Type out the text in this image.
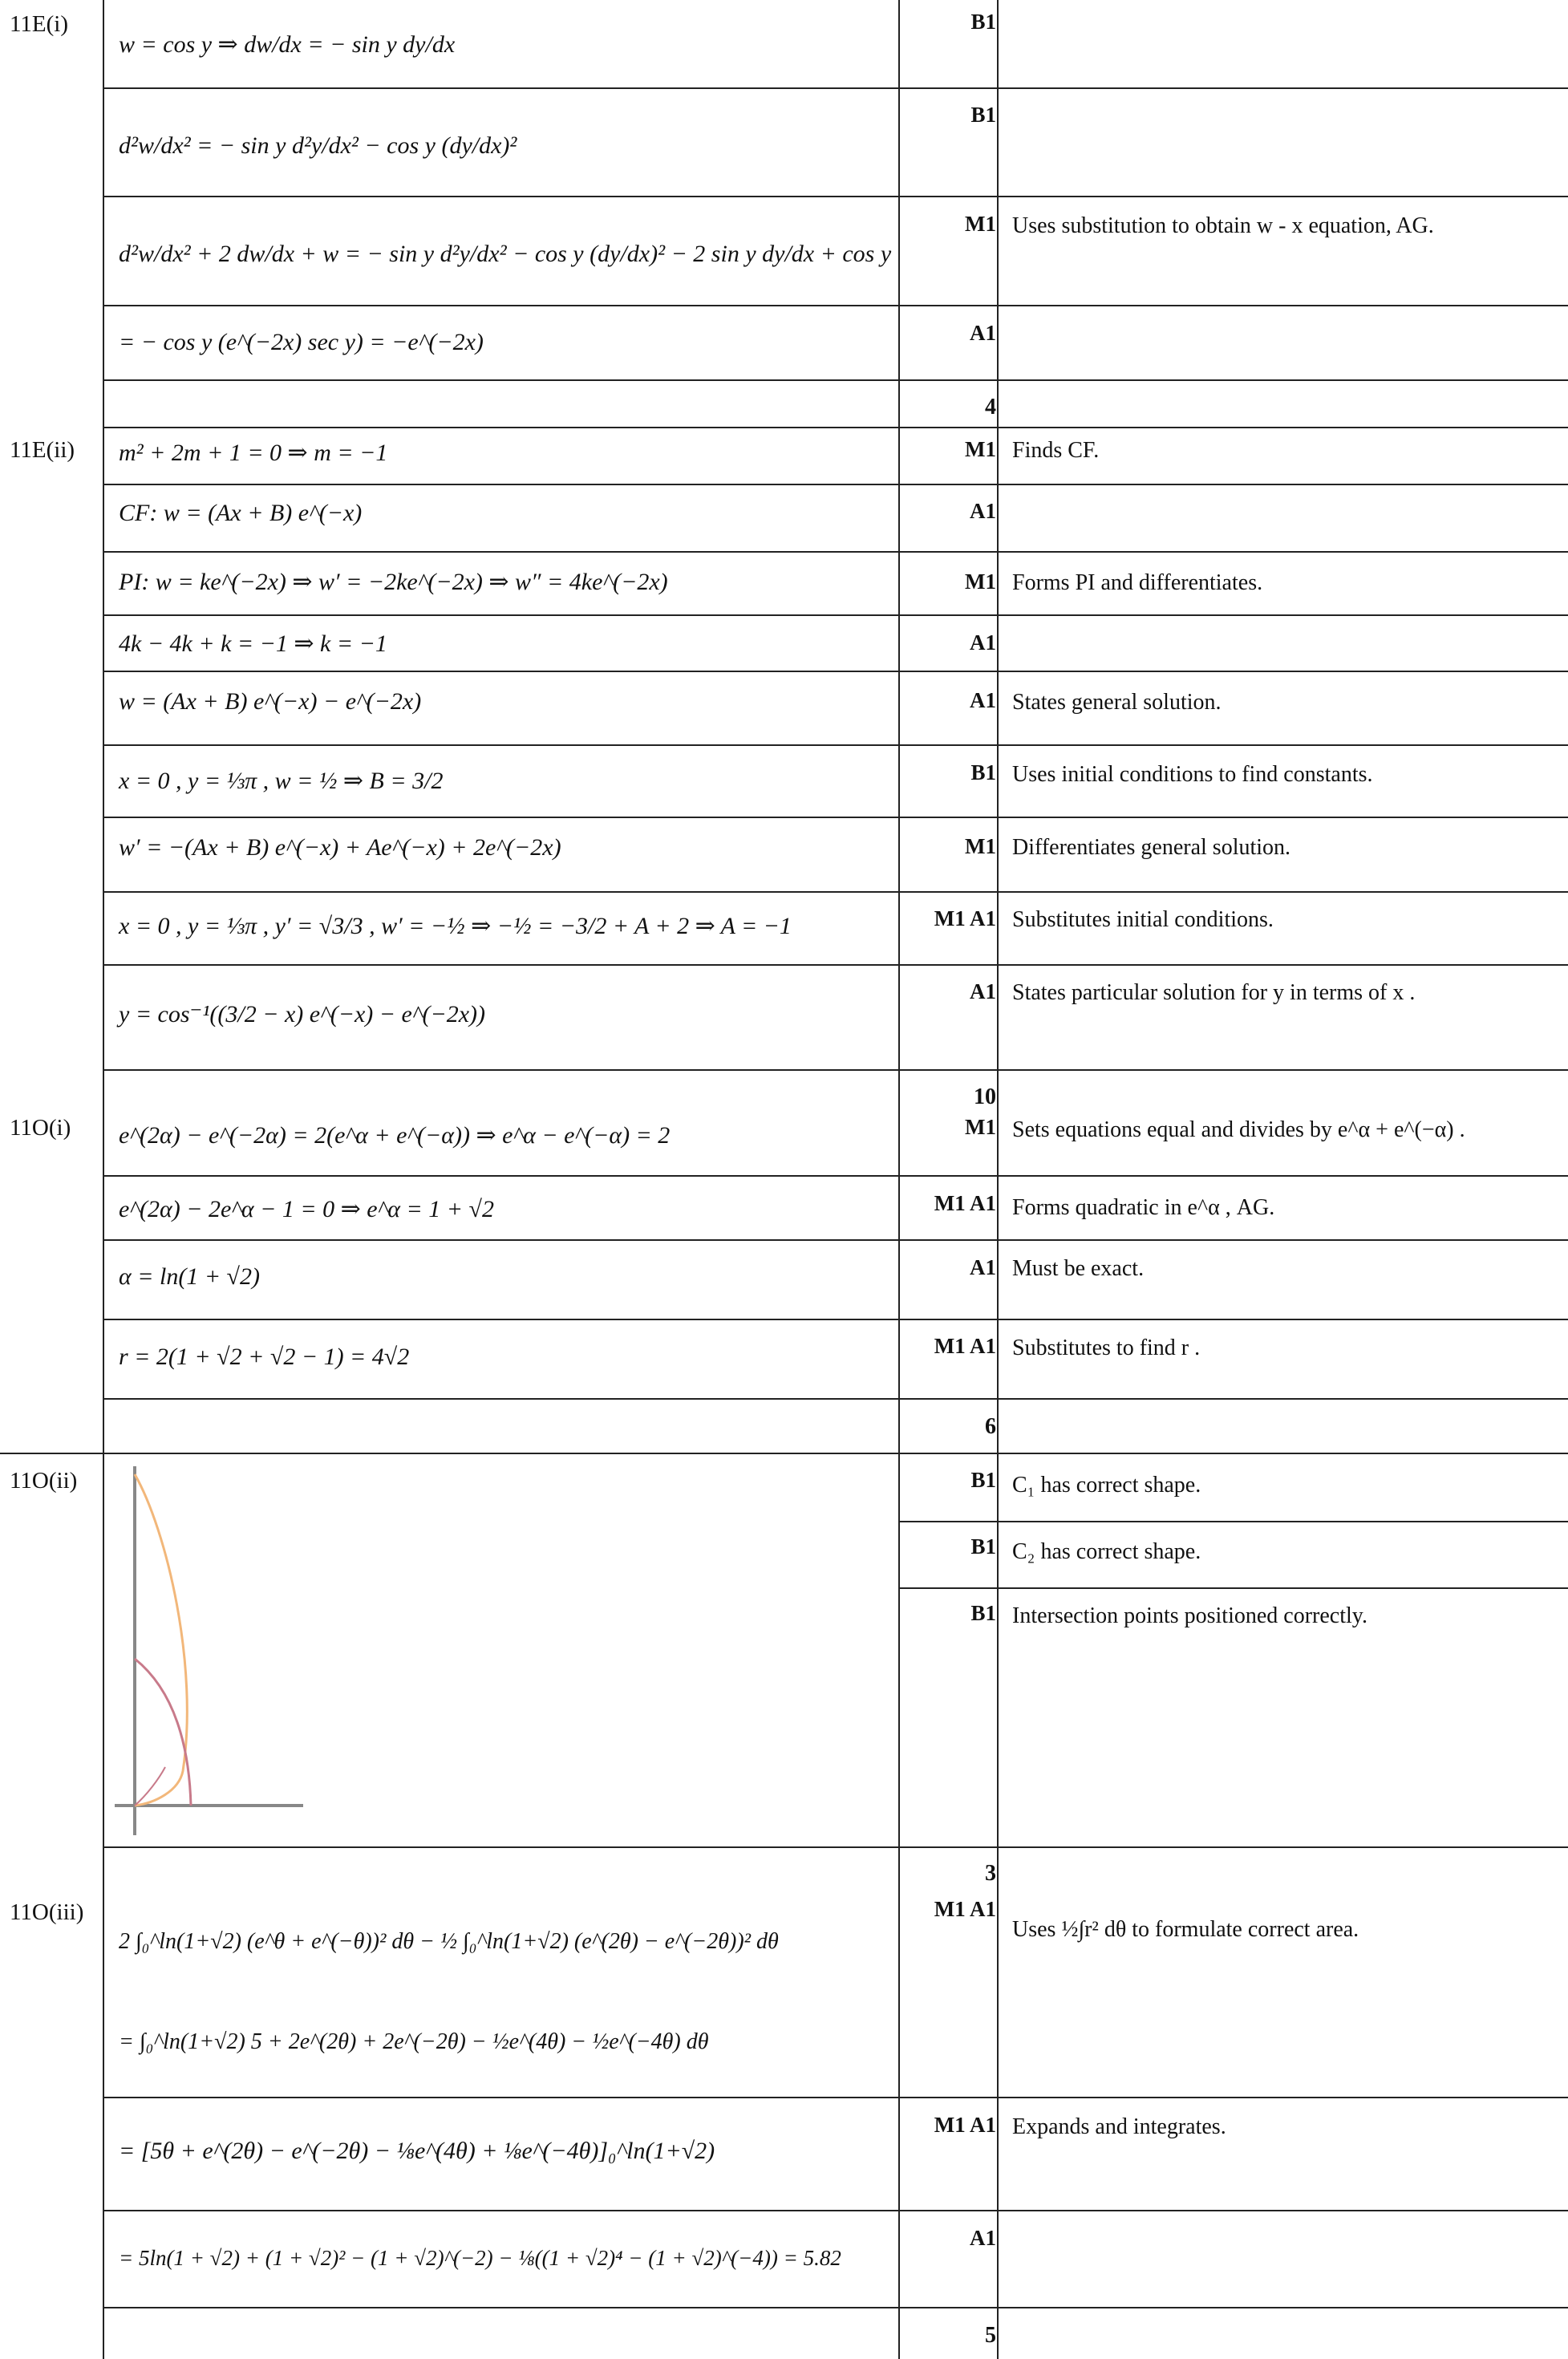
11E(i)
11E(ii)
11O(i)
11O(ii)
11O(iii)
w = cos y ⇒ dw/dx = − sin y dy/dx
d²w/dx² = − sin y d²y/dx² − cos y (dy/dx)²
d²w/dx² + 2 dw/dx + w = − sin y d²y/dx² − cos y (dy/dx)² − 2 sin y dy/dx + cos y
= − cos y (e^(−2x) sec y) = −e^(−2x)
m² + 2m + 1 = 0 ⇒ m = −1
CF: w = (Ax + B) e^(−x)
PI: w = ke^(−2x) ⇒ w′ = −2ke^(−2x) ⇒ w″ = 4ke^(−2x)
4k − 4k + k = −1 ⇒ k = −1
w = (Ax + B) e^(−x) − e^(−2x)
x = 0 , y = ⅓π , w = ½ ⇒ B = 3/2
w′ = −(Ax + B) e^(−x) + Ae^(−x) + 2e^(−2x)
x = 0 , y = ⅓π , y′ = √3/3 , w′ = −½ ⇒ −½ = −3/2 + A + 2 ⇒ A = −1
y = cos⁻¹((3/2 − x) e^(−x) − e^(−2x))
e^(2α) − e^(−2α) = 2(e^α + e^(−α)) ⇒ e^α − e^(−α) = 2
e^(2α) − 2e^α − 1 = 0 ⇒ e^α = 1 + √2
α = ln(1 + √2)
r = 2(1 + √2 + √2 − 1) = 4√2
2 ∫₀^ln(1+√2) (e^θ + e^(−θ))² dθ − ½ ∫₀^ln(1+√2) (e^(2θ) − e^(−2θ))² dθ
= ∫₀^ln(1+√2) 5 + 2e^(2θ) + 2e^(−2θ) − ½e^(4θ) − ½e^(−4θ) dθ
= [5θ + e^(2θ) − e^(−2θ) − ⅛e^(4θ) + ⅛e^(−4θ)]₀^ln(1+√2)
= 5ln(1 + √2) + (1 + √2)² − (1 + √2)^(−2) − ⅛((1 + √2)⁴ − (1 + √2)^(−4)) = 5.82
B1
B1
M1
A1
4
M1
A1
M1
A1
A1
B1
M1
M1 A1
A1
10
M1
M1 A1
A1
M1 A1
6
B1
B1
B1
3
M1 A1
M1 A1
A1
5
Uses substitution to obtain w - x equation, AG.
Finds CF.
Forms PI and differentiates.
States general solution.
Uses initial conditions to find constants.
Differentiates general solution.
Substitutes initial conditions.
States particular solution for y in terms of x .
Sets equations equal and divides by e^α + e^(−α) .
Forms quadratic in e^α , AG.
Must be exact.
Substitutes to find r .
C₁ has correct shape.
C₂ has correct shape.
Intersection points positioned correctly.
Uses ½∫r² dθ to formulate correct area.
Expands and integrates.
